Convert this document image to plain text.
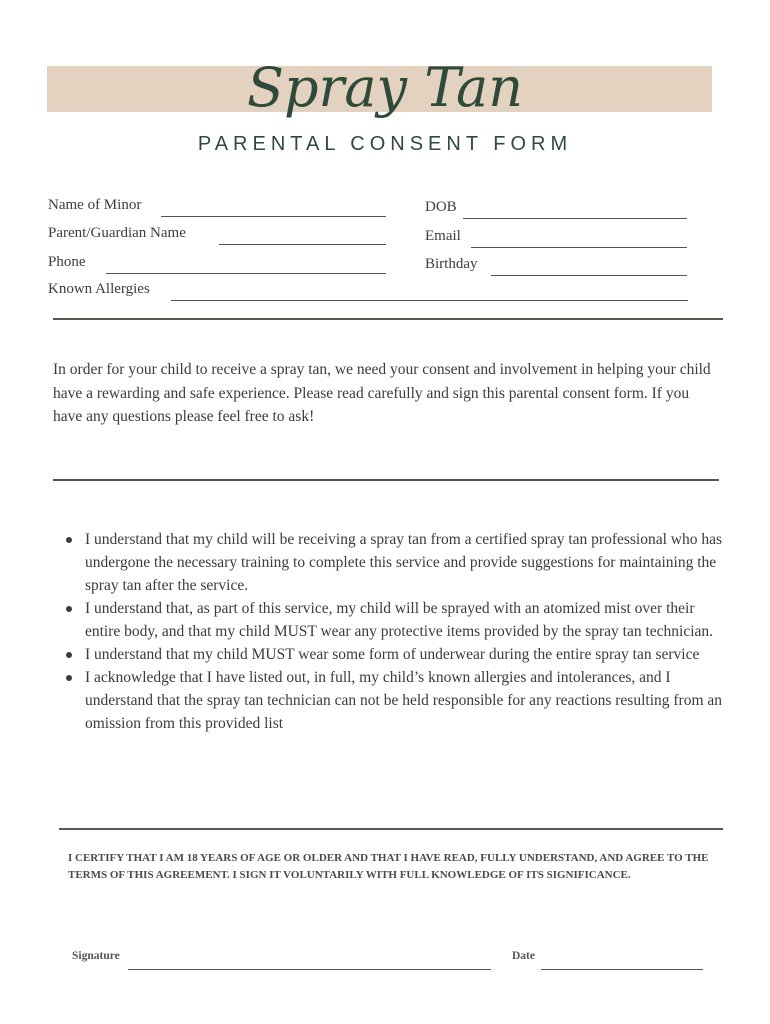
Spray Tan
PARENTAL CONSENT FORM
Name of Minor
Parent/Guardian Name
Phone
Known Allergies
DOB
Email
Birthday
In order for your child to receive a spray tan, we need your consent and involvement in helping your child have a rewarding and safe experience. Please read carefully and sign this parental consent form. If you have any questions please feel free to ask!
I understand that my child will be receiving a spray tan from a certified spray tan professional who has undergone the necessary training to complete this service and provide suggestions for maintaining the spray tan after the service.
I understand that, as part of this service, my child will be sprayed with an atomized mist over their entire body, and that my child MUST wear any protective items provided by the spray tan technician.
I understand that my child MUST wear some form of underwear during the entire spray tan service
I acknowledge that I have listed out, in full, my child’s known allergies and intolerances, and I understand that the spray tan technician can not be held responsible for any reactions resulting from an omission from this provided list
I CERTIFY THAT I AM 18 YEARS OF AGE OR OLDER AND THAT I HAVE READ, FULLY UNDERSTAND, AND AGREE TO THE TERMS OF THIS AGREEMENT. I SIGN IT VOLUNTARILY WITH FULL KNOWLEDGE OF ITS SIGNIFICANCE.
Signature	Date
